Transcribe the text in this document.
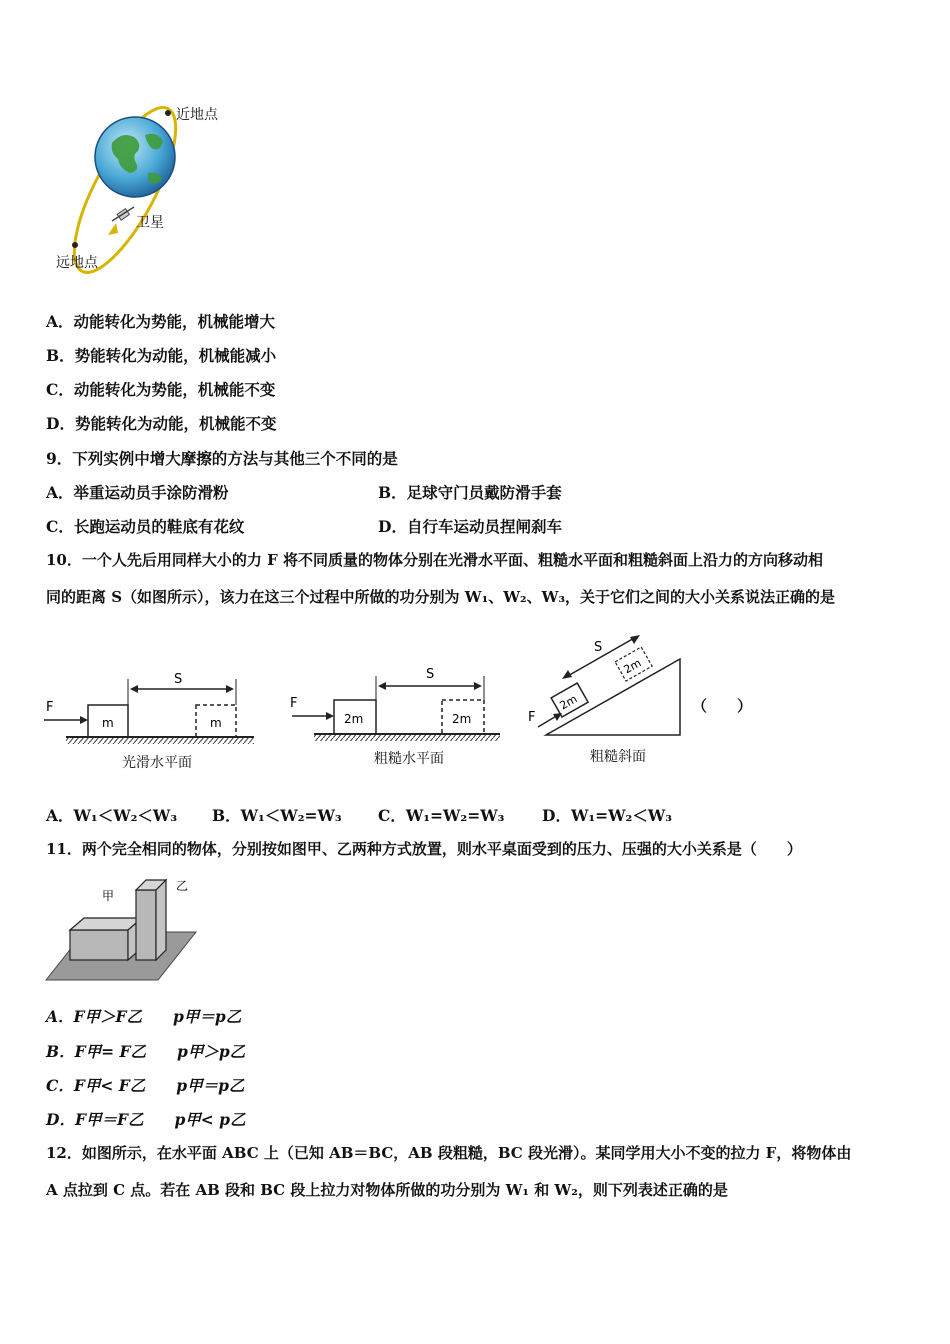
近地点
卫星
远地点
A．动能转化为势能，机械能增大
B．势能转化为动能，机械能减小
C．动能转化为势能，机械能不变
D．势能转化为动能，机械能不变
9．下列实例中增大摩擦的方法与其他三个不同的是
A．举重运动员手涂防滑粉	B．足球守门员戴防滑手套
C．长跑运动员的鞋底有花纹	D．自行车运动员捏闸刹车
10．一个人先后用同样大小的力 F 将不同质量的物体分别在光滑水平面、粗糙水平面和粗糙斜面上沿力的方向移动相
同的距离 S（如图所示），该力在这三个过程中所做的功分别为 W₁、W₂、W₃，关于它们之间的大小关系说法正确的是
F
m	m
S
光滑水平面
F
2m	2m
S
粗糙水平面
2m
2m
F
S
粗糙斜面
（　　）
A．W₁＜W₂＜W₃ B．W₁＜W₂=W₃ C．W₁=W₂=W₃ D．W₁=W₂＜W₃
11．两个完全相同的物体，分别按如图甲、乙两种方式放置，则水平桌面受到的压力、压强的大小关系是（　　）
甲
乙
A．F甲＞F乙　　p甲＝p乙
B．F甲= F乙　　p甲＞p乙
C．F甲< F乙　　p甲＝p乙
D．F甲＝F乙　　p甲< p乙
12．如图所示，在水平面 ABC 上（已知 AB＝BC，AB 段粗糙，BC 段光滑）。某同学用大小不变的拉力 F，将物体由
A 点拉到 C 点。若在 AB 段和 BC 段上拉力对物体所做的功分别为 W₁ 和 W₂，则下列表述正确的是
